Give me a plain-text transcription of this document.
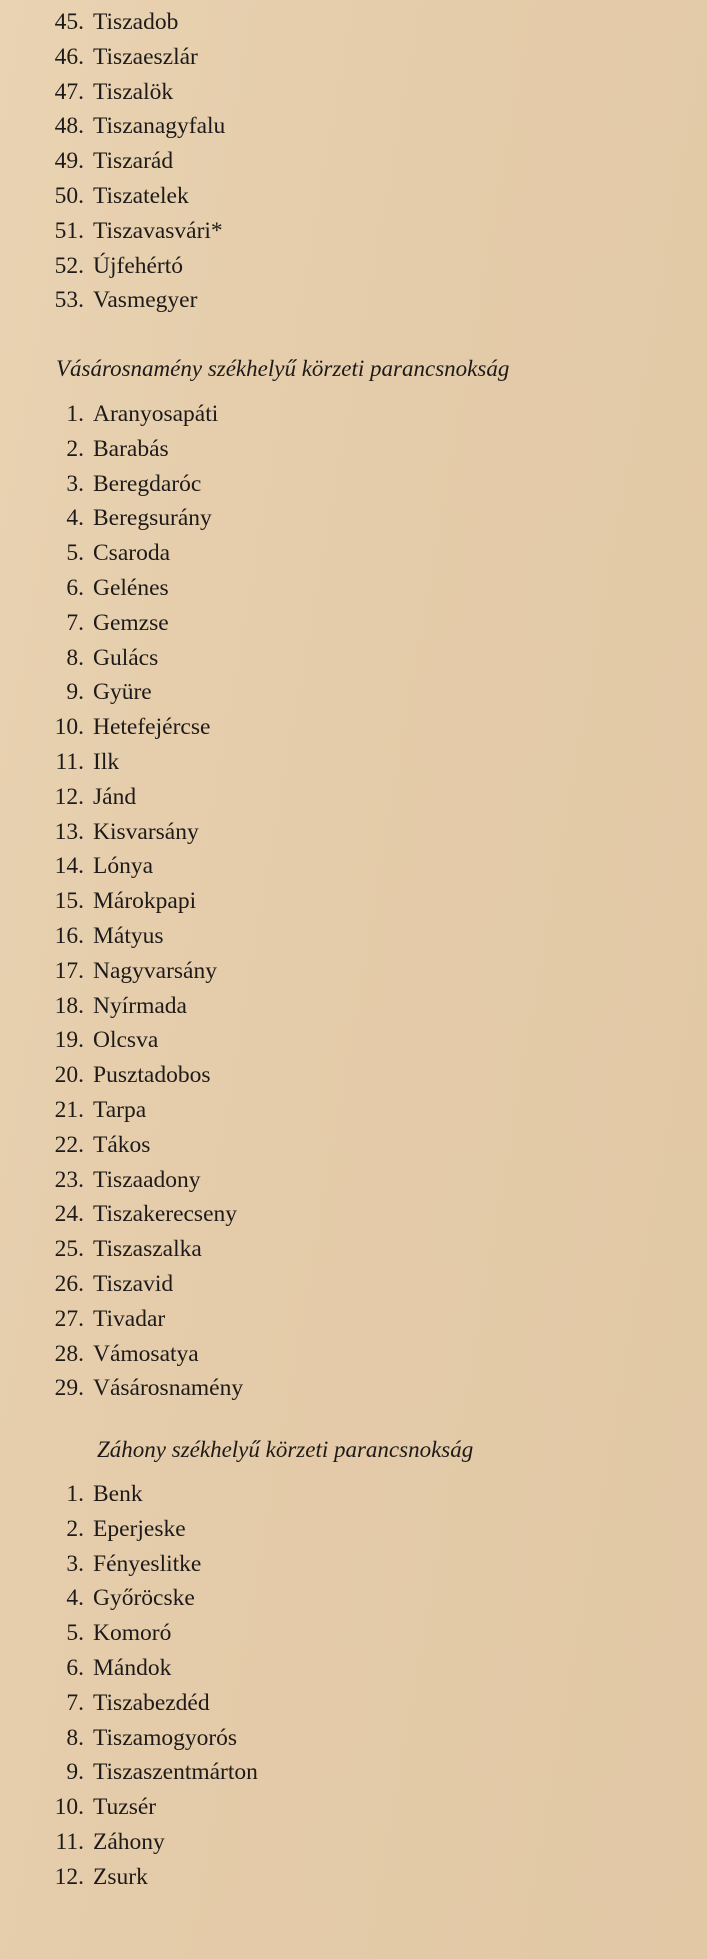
45. Tiszadob
46. Tiszaeszlár
47. Tiszalök
48. Tiszanagyfalu
49. Tiszarád
50. Tiszatelek
51. Tiszavasvári*
52. Újfehértó
53. Vasmegyer
Vásárosnamény székhelyű körzeti parancsnokság
1. Aranyosapáti
2. Barabás
3. Beregdaróc
4. Beregsurány
5. Csaroda
6. Gelénes
7. Gemzse
8. Gulács
9. Gyüre
10. Hetefejércse
11. Ilk
12. Jánd
13. Kisvarsány
14. Lónya
15. Márokpapi
16. Mátyus
17. Nagyvarsány
18. Nyírmada
19. Olcsva
20. Pusztadobos
21. Tarpa
22. Tákos
23. Tiszaadony
24. Tiszakerecseny
25. Tiszaszalka
26. Tiszavid
27. Tivadar
28. Vámosatya
29. Vásárosnamény
Záhony székhelyű körzeti parancsnokság
1. Benk
2. Eperjeske
3. Fényeslitke
4. Győröcske
5. Komoró
6. Mándok
7. Tiszabezdéd
8. Tiszamogyorós
9. Tiszaszentmárton
10. Tuzsér
11. Záhony
12. Zsurk
